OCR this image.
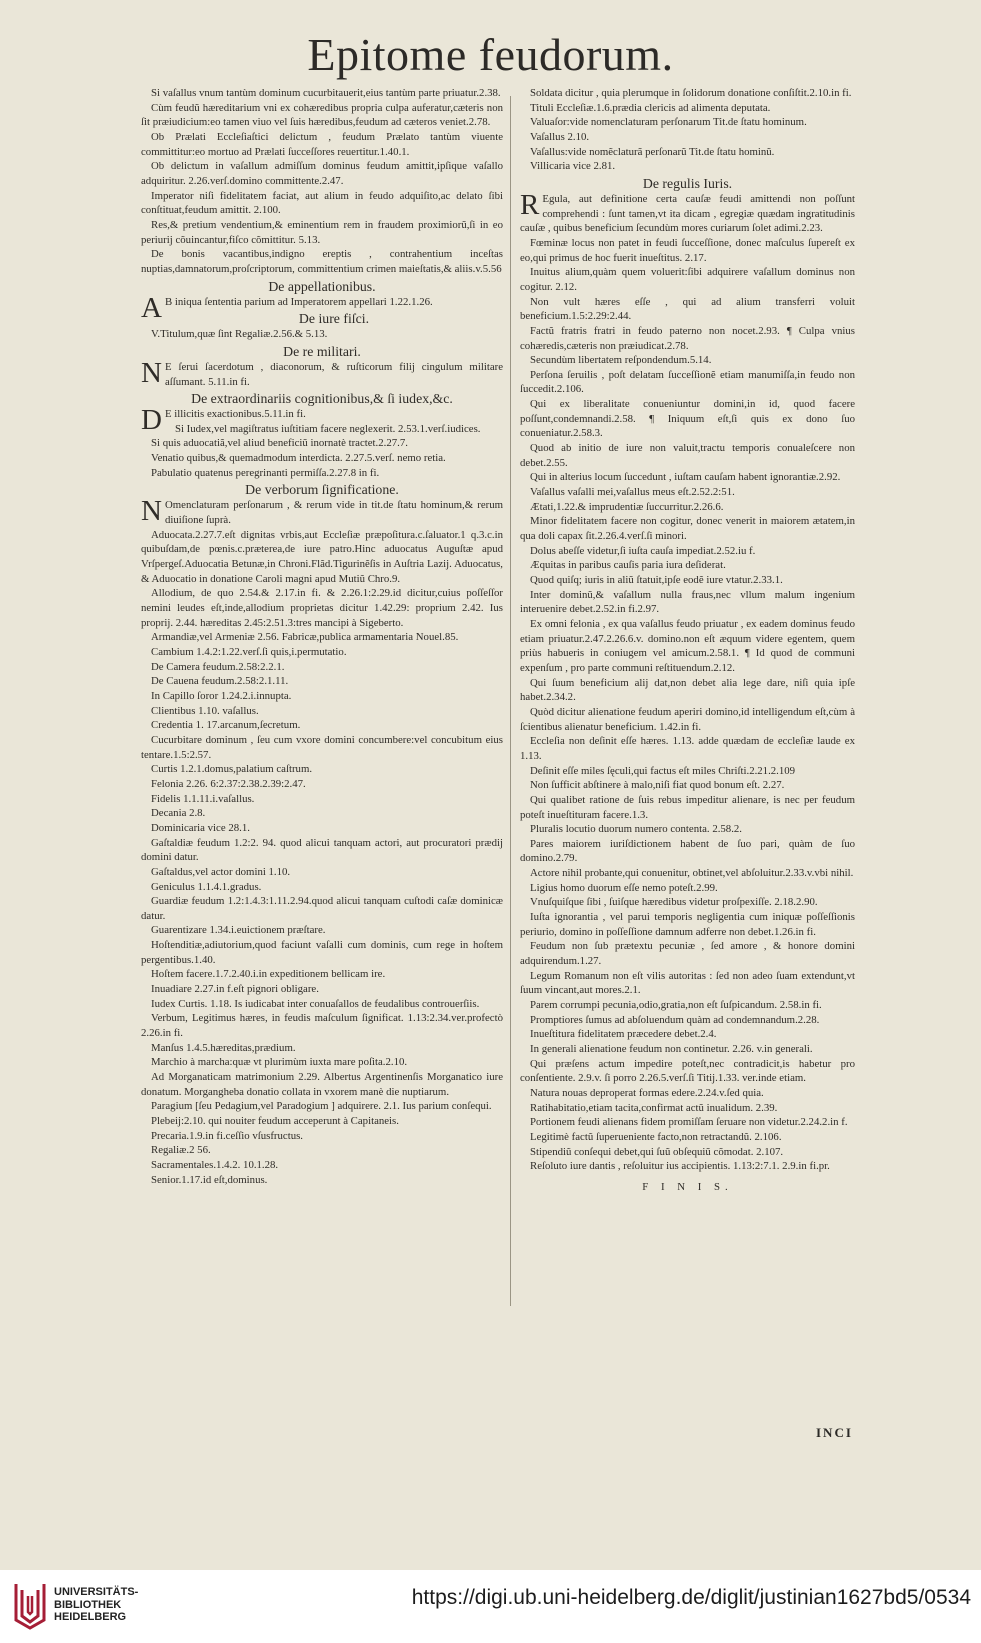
Epitome feudorum.

Si vaſallus vnum tantùm dominum cucurbitauerit,eius tantùm parte priuatur.2.38.

Cùm feudũ hæreditarium vni ex cohæredibus propria culpa auferatur,cæteris non ſit præiudicium:eo tamen viuo vel ſuis hæredibus,feudum ad cæteros veniet.2.78.

Ob Prælati Eccleſiaſtici delictum , feudum Prælato tantùm viuente committitur:eo mortuo ad Prælati ſucceſſores reuertitur.1.40.1.

Ob delictum in vaſallum admiſſum dominus feudum amittit,ipſique vaſallo adquiritur. 2.26.verſ.domino committente.2.47.

Imperator niſi fidelitatem faciat, aut alium in feudo adquiſito,ac delato ſibi conſtituat,feudum amittit. 2.100.

Res,& pretium vendentium,& eminentium rem in fraudem proximiorũ,ſi in eo periurij cõuincantur,fiſco cõmittitur. 5.13.

De bonis vacantibus,indigno ereptis , contrahentium inceſtas nuptias,damnatorum,proſcriptorum, committentium crimen maieſtatis,& aliis.v.5.56

De appellationibus.

AB iniqua ſententia parium ad Imperatorem appellari 1.22.1.26.

De iure fiſci.

V.Titulum,quæ ſint Regaliæ.2.56.& 5.13.

De re militari.

NE ſerui ſacerdotum , diaconorum, & ruſticorum filij cingulum militare aſſumant. 5.11.in fi.

De extraordinariis cognitionibus,& ſi iudex,&c.

DE illicitis exactionibus.5.11.in fi.

Si Iudex,vel magiſtratus iuſtitiam facere neglexerit. 2.53.1.verſ.iudices.

Si quis aduocatiã,vel aliud beneficiũ inornatè tractet.2.27.7.

Venatio quibus,& quemadmodum interdicta. 2.27.5.verſ. nemo retia.

Pabulatio quatenus peregrinanti permiſſa.2.27.8 in fi.

De verborum ſignificatione.

NOmenclaturam perſonarum , & rerum vide in tit.de ſtatu hominum,& rerum diuiſione ſuprà.

Aduocata.2.27.7.eſt dignitas vrbis,aut Eccleſiæ præpoſitura.c.ſaluator.1 q.3.c.in quibuſdam,de pœnis.c.præterea,de iure patro.Hinc aduocatus Auguſtæ apud Vrſpergeſ.Aduocatia Betunæ,in Chroni.Flãd.Tigurinẽſis in Auſtria Lazij. Aduocatus, & Aduocatio in donatione Caroli magni apud Mutiũ Chro.9.

Allodium, de quo 2.54.& 2.17.in fi. & 2.26.1:2.29.id dicitur,cuius poſſeſſor nemini leudes eſt,inde,allodium proprietas dicitur 1.42.29: proprium 2.42. Ius proprij. 2.44. hæreditas 2.45:2.51.3:tres mancipi à Sigeberto.

Armandiæ,vel Armeniæ 2.56. Fabricæ,publica armamentaria Nouel.85.

Cambium 1.4.2:1.22.verſ.ſi quis,i.permutatio.

De Camera feudum.2.58:2.2.1.

De Cauena feudum.2.58:2.1.11.

In Capillo ſoror 1.24.2.i.innupta.

Clientibus 1.10. vaſallus.

Credentia 1. 17.arcanum,ſecretum.

Cucurbitare dominum , ſeu cum vxore domini concumbere:vel concubitum eius tentare.1.5:2.57.

Curtis 1.2.1.domus,palatium caſtrum.

Felonia 2.26. 6:2.37:2.38.2.39:2.47.

Fidelis 1.1.11.i.vaſallus.

Decania 2.8.

Dominicaria vice 28.1.

Gaſtaldiæ feudum 1.2:2. 94. quod alicui tanquam actori, aut procuratori prædij domini datur.

Gaſtaldus,vel actor domini 1.10.

Geniculus 1.1.4.1.gradus.

Guardiæ feudum 1.2:1.4.3:1.11.2.94.quod alicui tanquam cuſtodi caſæ dominicæ datur.

Guarentizare 1.34.i.euictionem præſtare.

Hoſtenditiæ,adiutorium,quod faciunt vaſalli cum dominis, cum rege in hoſtem pergentibus.1.40.

Hoſtem facere.1.7.2.40.i.in expeditionem bellicam ire.

Inuadiare 2.27.in f.eſt pignori obligare.

Iudex Curtis. 1.18. Is iudicabat inter conuaſallos de feudalibus controuerſiis.

Verbum, Legitimus hæres, in feudis maſculum ſignificat. 1.13:2.34.ver.profectò 2.26.in fi.

Manſus 1.4.5.hæreditas,prædium.

Marchio à marcha:quæ vt plurimùm iuxta mare poſita.2.10.

Ad Morganaticam matrimonium 2.29. Albertus Argentinenſis Morganatico iure donatum. Morgangheba donatio collata in vxorem manè die nuptiarum.

Paragium [ſeu Pedagium,vel Paradogium ] adquirere. 2.1. Ius parium conſequi.

Plebeij:2.10. qui nouiter feudum acceperunt à Capitaneis.

Precaria.1.9.in fi.ceſſio vſusfructus.

Regaliæ.2 56.

Sacramentales.1.4.2. 10.1.28.

Senior.1.17.id eſt,dominus.

Soldata dicitur , quia plerumque in ſolidorum donatione conſiſtit.2.10.in fi.

Tituli Eccleſiæ.1.6.prædia clericis ad alimenta deputata.

Valuaſor:vide nomenclaturam perſonarum Tit.de ſtatu hominum.

Vaſallus 2.10.

Vaſallus:vide nomẽclaturã perſonarũ Tit.de ſtatu hominũ.

Villicaria vice 2.81.

De regulis Iuris.

REgula, aut definitione certa cauſæ feudi amittendi non poſſunt comprehendi : ſunt tamen,vt ita dicam , egregiæ quædam ingratitudinis cauſæ , quibus beneficium ſecundùm mores curiarum ſolet adimi.2.23.

Fœminæ locus non patet in feudi ſucceſſione, donec maſculus ſupereſt ex eo,qui primus de hoc fuerit inueſtitus. 2.17.

Inuitus alium,quàm quem voluerit:ſibi adquirere vaſallum dominus non cogitur. 2.12.

Non vult hæres eſſe , qui ad alium transferri voluit beneficium.1.5:2.29:2.44.

Factũ fratris fratri in feudo paterno non nocet.2.93. ¶ Culpa vnius cohæredis,cæteris non præiudicat.2.78.

Secundùm libertatem reſpondendum.5.14.

Perſona ſeruilis , poſt delatam ſucceſſionẽ etiam manumiſſa,in feudo non ſuccedit.2.106.

Qui ex liberalitate conueniuntur domini,in id, quod facere poſſunt,condemnandi.2.58. ¶ Iniquum eſt,ſi quis ex dono ſuo conueniatur.2.58.3.

Quod ab initio de iure non valuit,tractu temporis conualeſcere non debet.2.55.

Qui in alterius locum ſuccedunt , iuſtam cauſam habent ignorantiæ.2.92.

Vaſallus vaſalli mei,vaſallus meus eſt.2.52.2:51.

Ætati,1.22.& imprudentiæ ſuccurritur.2.26.6.

Minor fidelitatem facere non cogitur, donec venerit in maiorem ætatem,in qua doli capax ſit.2.26.4.verſ.ſi minori.

Dolus abeſſe videtur,ſi iuſta cauſa impediat.2.52.iu f.

Æquitas in paribus cauſis paria iura deſiderat.

Quod quiſq; iuris in aliũ ſtatuit,ipſe eodẽ iure vtatur.2.33.1.

Inter dominũ,& vaſallum nulla fraus,nec vllum malum ingenium interuenire debet.2.52.in fi.2.97.

Ex omni felonia , ex qua vaſallus feudo priuatur , ex eadem dominus feudo etiam priuatur.2.47.2.26.6.v. domino.non eſt æquum videre egentem, quem priùs habueris in coniugem vel amicum.2.58.1. ¶ Id quod de communi expenſum , pro parte communi reſtituendum.2.12.

Qui ſuum beneficium alij dat,non debet alia lege dare, niſi quia ipſe habet.2.34.2.

Quòd dicitur alienatione feudum aperiri domino,id intelligendum eſt,cùm à ſcientibus alienatur beneficium. 1.42.in fi.

Eccleſia non deſinit eſſe hæres. 1.13. adde quædam de eccleſiæ laude ex 1.13.

Deſinit eſſe miles ſęculi,qui factus eſt miles Chriſti.2.21.2.109

Non ſufficit abſtinere à malo,niſi fiat quod bonum eſt. 2.27.

Qui qualibet ratione de ſuis rebus impeditur alienare, is nec per feudum poteſt inueſtituram facere.1.3.

Pluralis locutio duorum numero contenta. 2.58.2.

Pares maiorem iuriſdictionem habent de ſuo pari, quàm de ſuo domino.2.79.

Actore nihil probante,qui conuenitur, obtinet,vel abſoluitur.2.33.v.vbi nihil.

Ligius homo duorum eſſe nemo poteſt.2.99.

Vnuſquiſque ſibi , ſuiſque hæredibus videtur proſpexiſſe. 2.18.2.90.

Iuſta ignorantia , vel parui temporis negligentia cum iniquæ poſſeſſionis periurio, domino in poſſeſſione damnum adferre non debet.1.26.in fi.

Feudum non ſub prætextu pecuniæ , ſed amore , & honore domini adquirendum.1.27.

Legum Romanum non eſt vilis autoritas : ſed non adeo ſuam extendunt,vt ſuum vincant,aut mores.2.1.

Parem corrumpi pecunia,odio,gratia,non eſt ſuſpicandum. 2.58.in fi.

Promptiores ſumus ad abſoluendum quàm ad condemnandum.2.28.

Inueſtitura fidelitatem præcedere debet.2.4.

In generali alienatione feudum non continetur. 2.26. v.in generali.

Qui præſens actum impedire poteſt,nec contradicit,is habetur pro conſentiente. 2.9.v. ſi porro 2.26.5.verſ.ſi Titij.1.33. ver.inde etiam.

Natura nouas deproperat formas edere.2.24.v.ſed quia.

Ratihabitatio,etiam tacita,confirmat actũ inualidum. 2.39.

Portionem feudi alienans fidem promiſſam ſeruare non videtur.2.24.2.in f.

Legitimè factũ ſuperueniente facto,non retractandũ. 2.106.

Stipendiũ conſequi debet,qui ſuũ obſequiũ cõmodat. 2.107.

Reſoluto iure dantis , reſoluitur ius accipientis. 1.13:2:7.1. 2.9.in fi.pr.

F I N I S.

INCI
UNIVERSITÄTS-
BIBLIOTHEK
HEIDELBERG
https://digi.ub.uni-heidelberg.de/diglit/justinian1627bd5/0534
